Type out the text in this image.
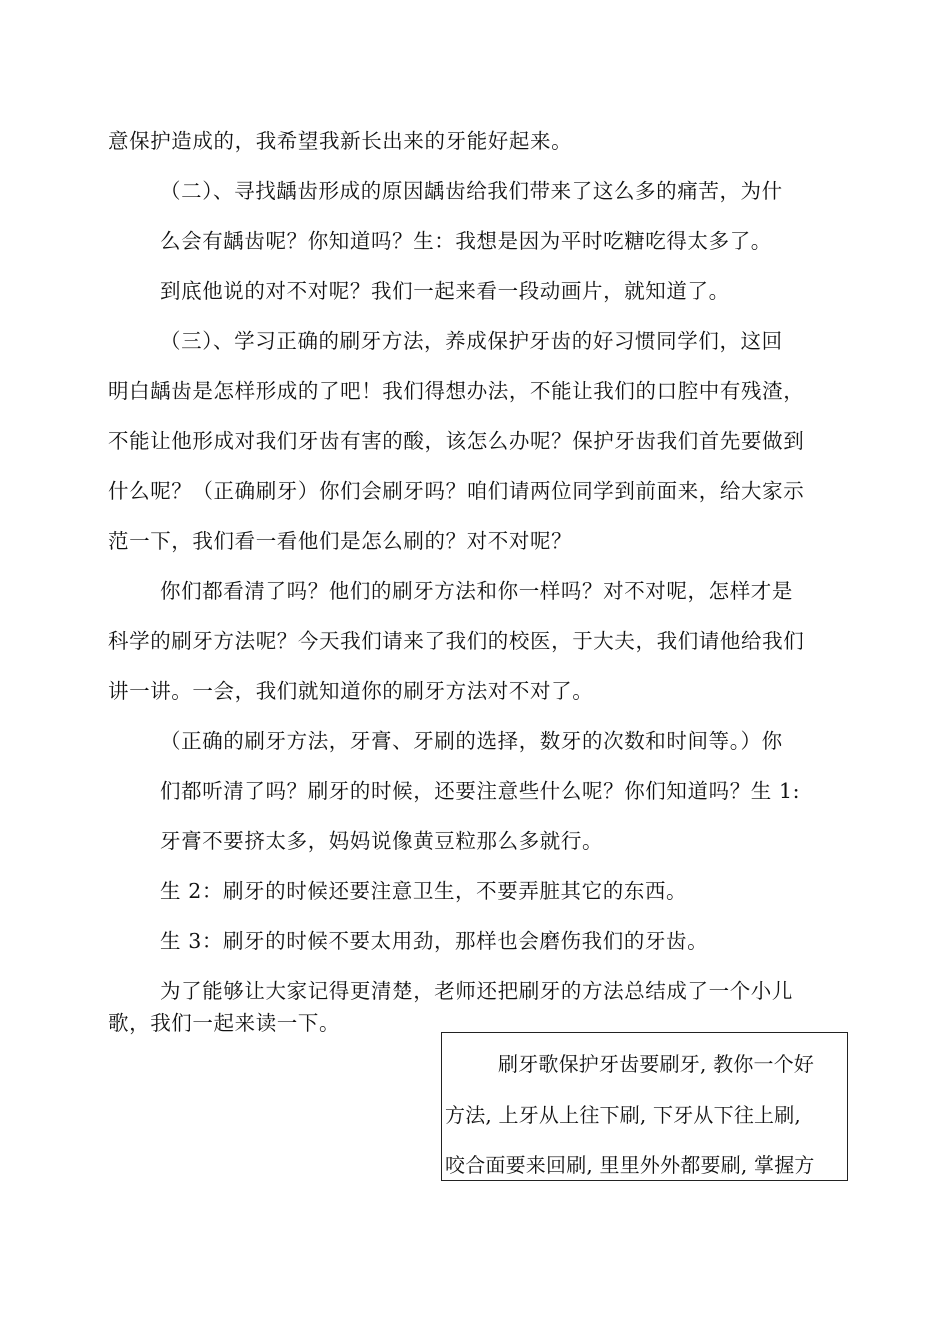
意保护造成的，我希望我新长出来的牙能好起来。

（二）、寻找龋齿形成的原因龋齿给我们带来了这么多的痛苦，为什

么会有龋齿呢？你知道吗？生：我想是因为平时吃糖吃得太多了。

到底他说的对不对呢？我们一起来看一段动画片，就知道了。

（三）、学习正确的刷牙方法，养成保护牙齿的好习惯同学们，这回

明白龋齿是怎样形成的了吧！我们得想办法，不能让我们的口腔中有残渣，

不能让他形成对我们牙齿有害的酸，该怎么办呢？保护牙齿我们首先要做到

什么呢？（正确刷牙）你们会刷牙吗？咱们请两位同学到前面来，给大家示

范一下，我们看一看他们是怎么刷的？对不对呢？

你们都看清了吗？他们的刷牙方法和你一样吗？对不对呢，怎样才是

科学的刷牙方法呢？今天我们请来了我们的校医，于大夫，我们请他给我们

讲一讲。一会，我们就知道你的刷牙方法对不对了。

（正确的刷牙方法，牙膏、牙刷的选择，数牙的次数和时间等。）你

们都听清了吗？刷牙的时候，还要注意些什么呢？你们知道吗？生 1:

牙膏不要挤太多，妈妈说像黄豆粒那么多就行。

生 2：刷牙的时候还要注意卫生，不要弄脏其它的东西。

生 3：刷牙的时候不要太用劲，那样也会磨伤我们的牙齿。

为了能够让大家记得更清楚，老师还把刷牙的方法总结成了一个小儿

歌，我们一起来读一下。

刷牙歌保护牙齿要刷牙, 教你一个好

方法, 上牙从上往下刷, 下牙从下往上刷,

咬合面要来回刷, 里里外外都要刷, 掌握方
